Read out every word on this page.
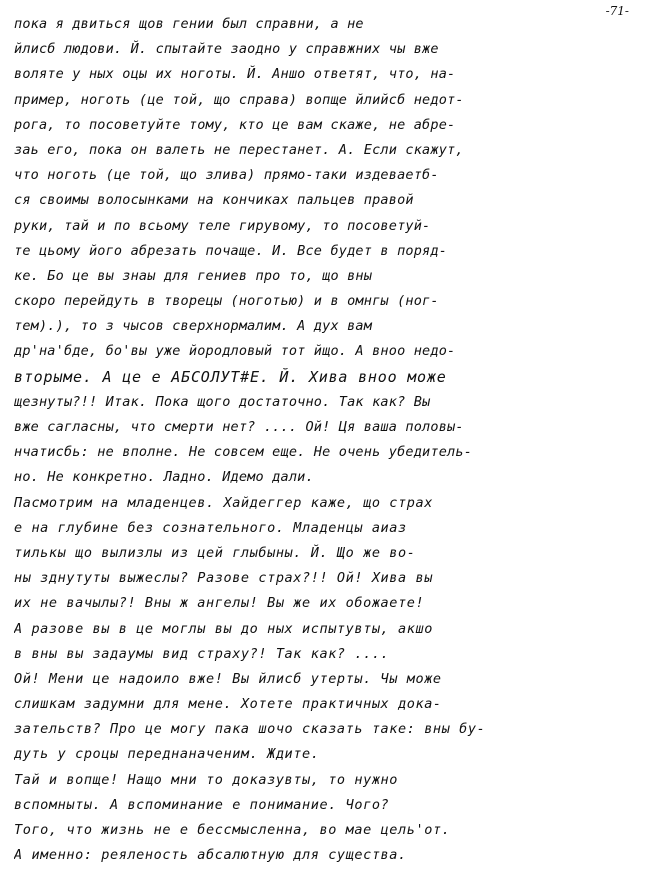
-71-
пока я двиться щов гении был справни, а не
йлисб людови. Й. спытайте заодно у справжних чы вже
воляте у ных оцы их ноготы. Й. Аншо ответят, что, на-
пример, ноготь (це той, що справа) вопще йлийсб недот-
рога, то посоветуйте тому, кто це вам скаже, не абре-
заь его, пока он валеть не перестанет. А. Если скажут,
что ноготь (це той, що злива) прямо-таки издеваетб-
ся своимы волосынками на кончиках пальцев правой
руки, тай и по всьому теле гирувому, то посоветуй-
те цьому його абрезать почаще. И. Все будет в поряд-
ке. Бо це вы знаы для гениев про то, що вны
скоро перейдуть в творецы (ноготью) и в омнгы (ног-
тем).), то з чысов сверхнормалим. А дух вам
др'на'бде, бо'вы уже йородловый тот йщо. А вноо недо-
вторыме. А це е АБСОЛУТ#Е. Й. Хива вноо може
щезнуты?!! Итак. Пока щого достаточно. Так как? Вы
вже сагласны, что смерти нет? .... Ой! Ця ваша половы-
нчатисбь: не вполне. Не совсем еще. Не очень убедитель-
но. Не конкретно. Ладно. Идемо дали.
Пасмотрим на младенцев. Хайдеггер каже, що страх
е на глубине без сознательного. Младенцы аиаз
тилькы що вылизлы из цей глыбыны. Й. Що же во-
ны зднутуты выжеслы? Разове страх?!! Ой! Хива вы
их не вачылы?! Вны ж ангелы! Вы же их обожаете!
А разове вы в це моглы вы до ных испытувты, акшо
в вны вы задаумы вид страху?! Так как? ....
Ой! Мени це надоило вже! Вы йлисб утерты. Чы може
слишкам задумни для мене. Хотете практичных дока-
зательств? Про це могу пака шочо сказать таке: вны бу-
дуть у сроцы переднаначеним. Ждите.
Тай и вопще! Нащо мни то доказувты, то нужно
вспомныты. А вспоминание е понимание. Чого?
Того, что жизнь не е бессмысленна, во мае цель'от.
А именно: реяленость абсалютную для существа.
